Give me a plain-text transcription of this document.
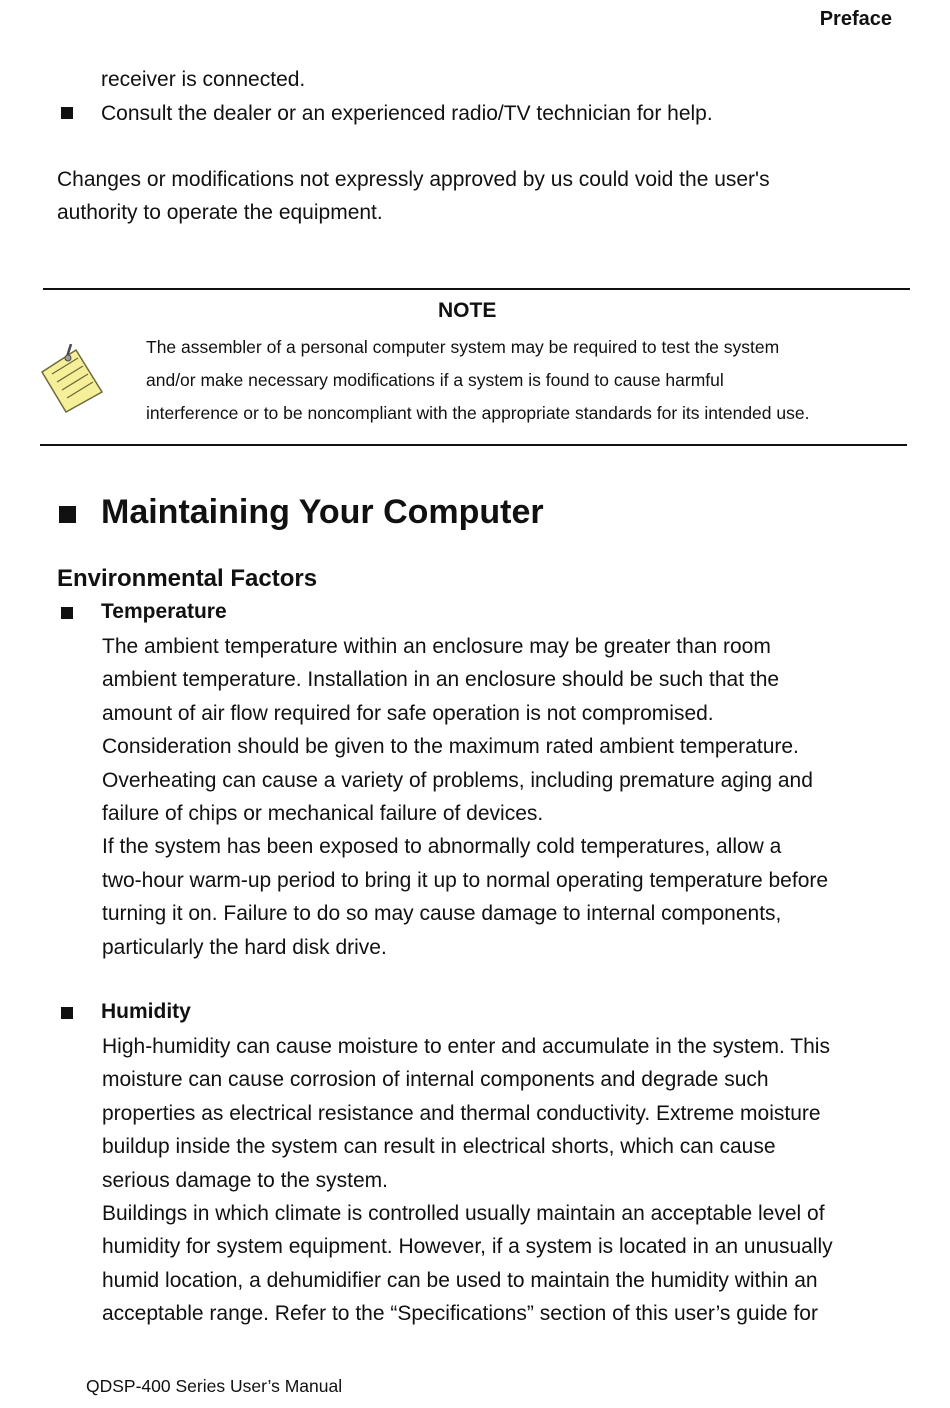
Preface
receiver is connected.
Consult the dealer or an experienced radio/TV technician for help.
Changes or modifications not expressly approved by us could void the user's
authority to operate the equipment.
NOTE
The assembler of a personal computer system may be required to test the system
and/or make necessary modifications if a system is found to cause harmful
interference or to be noncompliant with the appropriate standards for its intended use.
Maintaining Your Computer
Environmental Factors
Temperature
The ambient temperature within an enclosure may be greater than room
ambient temperature. Installation in an enclosure should be such that the
amount of air flow required for safe operation is not compromised.
Consideration should be given to the maximum rated ambient temperature.
Overheating can cause a variety of problems, including premature aging and
failure of chips or mechanical failure of devices.
If the system has been exposed to abnormally cold temperatures, allow a
two-hour warm-up period to bring it up to normal operating temperature before
turning it on. Failure to do so may cause damage to internal components,
particularly the hard disk drive.
Humidity
High-humidity can cause moisture to enter and accumulate in the system. This
moisture can cause corrosion of internal components and degrade such
properties as electrical resistance and thermal conductivity. Extreme moisture
buildup inside the system can result in electrical shorts, which can cause
serious damage to the system.
Buildings in which climate is controlled usually maintain an acceptable level of
humidity for system equipment. However, if a system is located in an unusually
humid location, a dehumidifier can be used to maintain the humidity within an
acceptable range. Refer to the “Specifications” section of this user’s guide for
QDSP-400 Series User’s Manual
